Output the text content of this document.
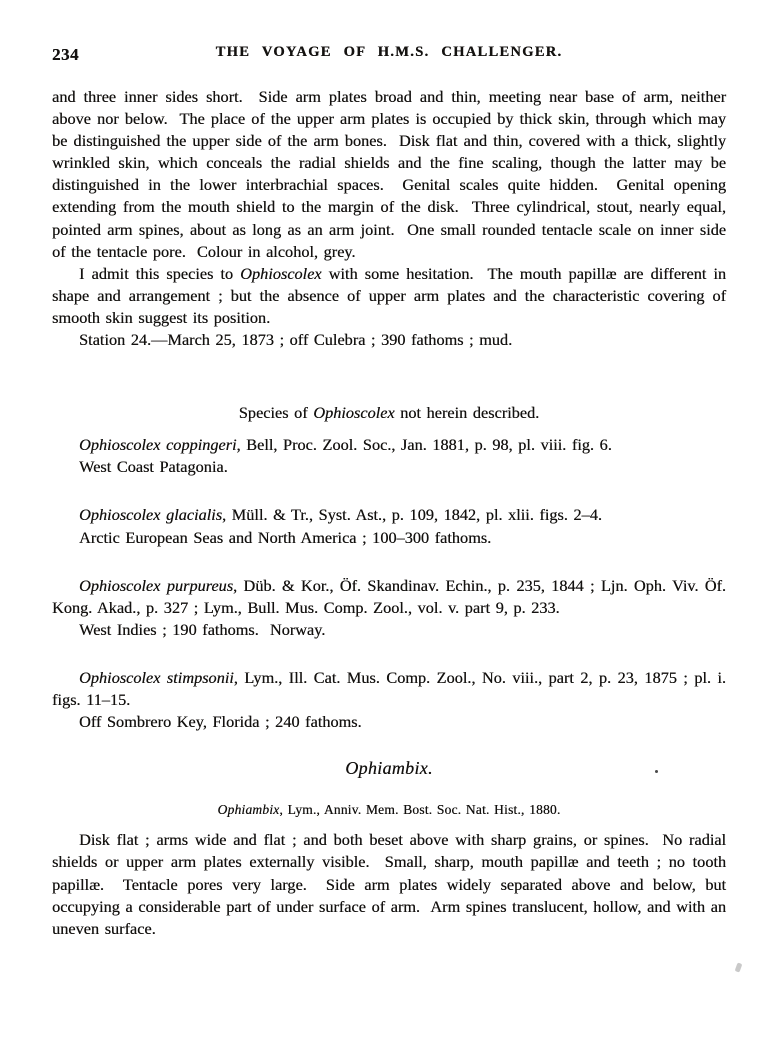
234	THE VOYAGE OF H.M.S. CHALLENGER.

and three inner sides short.  Side arm plates broad and thin, meeting near base of arm, neither above nor below.  The place of the upper arm plates is occupied by thick skin, through which may be distinguished the upper side of the arm bones.  Disk flat and thin, covered with a thick, slightly wrinkled skin, which conceals the radial shields and the fine scaling, though the latter may be distinguished in the lower interbrachial spaces.  Genital scales quite hidden.  Genital opening extending from the mouth shield to the margin of the disk.  Three cylindrical, stout, nearly equal, pointed arm spines, about as long as an arm joint.  One small rounded tentacle scale on inner side of the tentacle pore.  Colour in alcohol, grey.

I admit this species to Ophioscolex with some hesitation.  The mouth papillæ are different in shape and arrangement ; but the absence of upper arm plates and the characteristic covering of smooth skin suggest its position.

Station 24.—March 25, 1873 ; off Culebra ; 390 fathoms ; mud.

Species of Ophioscolex not herein described.

Ophioscolex coppingeri, Bell, Proc. Zool. Soc., Jan. 1881, p. 98, pl. viii. fig. 6.

West Coast Patagonia.

Ophioscolex glacialis, Müll. & Tr., Syst. Ast., p. 109, 1842, pl. xlii. figs. 2–4.

Arctic European Seas and North America ; 100–300 fathoms.

Ophioscolex purpureus, Düb. & Kor., Öf. Skandinav. Echin., p. 235, 1844 ; Ljn. Oph. Viv. Öf. Kong. Akad., p. 327 ; Lym., Bull. Mus. Comp. Zool., vol. v. part 9, p. 233.

West Indies ; 190 fathoms.  Norway.

Ophioscolex stimpsonii, Lym., Ill. Cat. Mus. Comp. Zool., No. viii., part 2, p. 23, 1875 ; pl. i. figs. 11–15.

Off Sombrero Key, Florida ; 240 fathoms.

Ophiambix.

Ophiambix, Lym., Anniv. Mem. Bost. Soc. Nat. Hist., 1880.

Disk flat ; arms wide and flat ; and both beset above with sharp grains, or spines.  No radial shields or upper arm plates externally visible.  Small, sharp, mouth papillæ and teeth ; no tooth papillæ.  Tentacle pores very large.  Side arm plates widely separated above and below, but occupying a considerable part of under surface of arm.  Arm spines translucent, hollow, and with an uneven surface.
